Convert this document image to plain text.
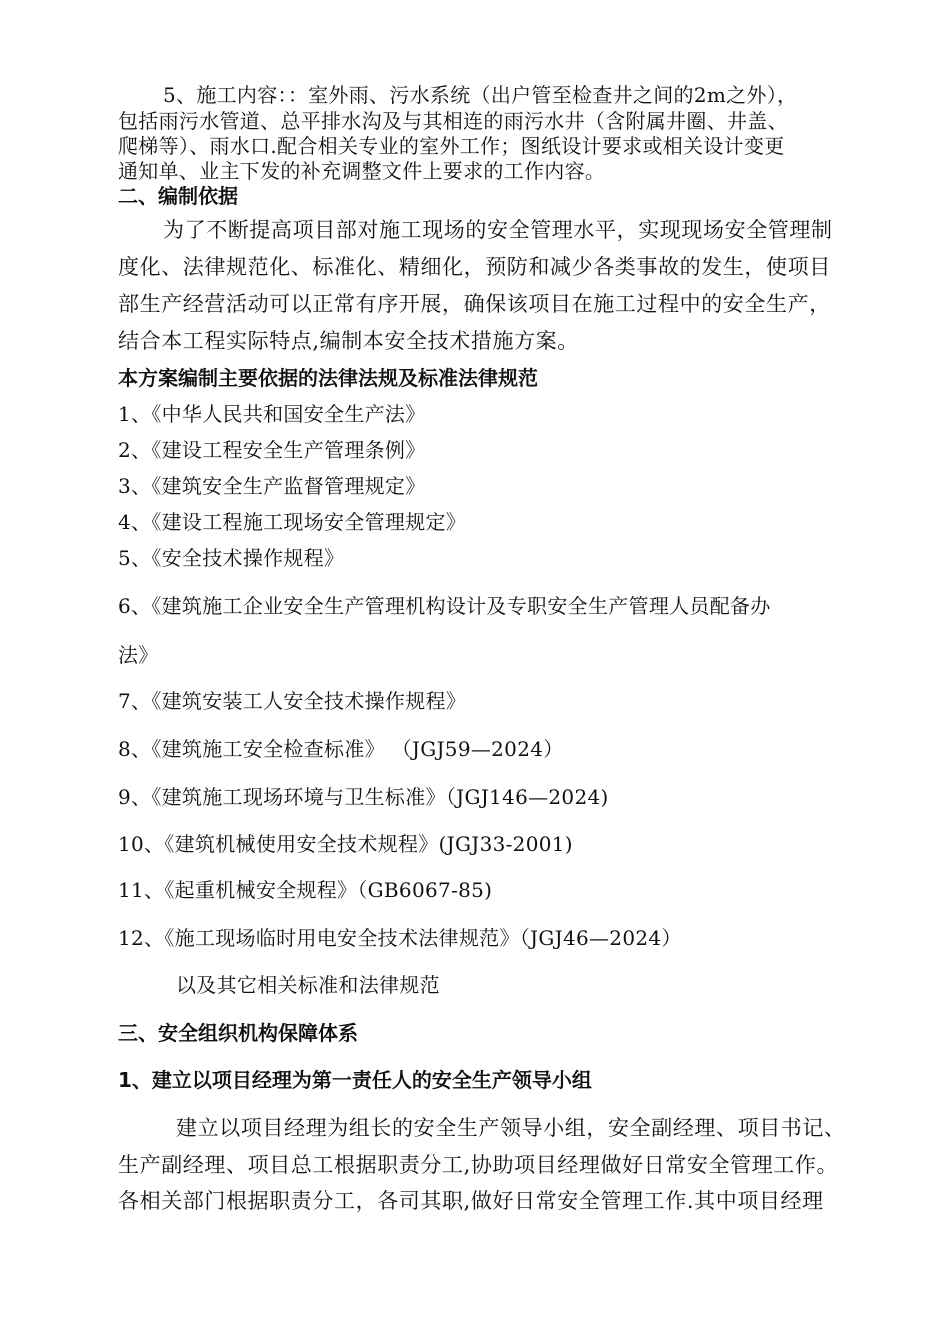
5、施工内容：：室外雨、污水系统（出户管至检查井之间的2m之外），
包括雨污水管道、总平排水沟及与其相连的雨污水井（含附属井圈、井盖、
爬梯等）、雨水口.配合相关专业的室外工作；图纸设计要求或相关设计变更
通知单、业主下发的补充调整文件上要求的工作内容。
二、编制依据
为了不断提高项目部对施工现场的安全管理水平，实现现场安全管理制
度化、法律规范化、标准化、精细化，预防和减少各类事故的发生，使项目
部生产经营活动可以正常有序开展，确保该项目在施工过程中的安全生产，
结合本工程实际特点,编制本安全技术措施方案。
本方案编制主要依据的法律法规及标准法律规范
1、《中华人民共和国安全生产法》
2、《建设工程安全生产管理条例》
3、《建筑安全生产监督管理规定》
4、《建设工程施工现场安全管理规定》
5、《安全技术操作规程》
6、《建筑施工企业安全生产管理机构设计及专职安全生产管理人员配备办
法》
7、《建筑安装工人安全技术操作规程》
8、《建筑施工安全检查标准》 （JGJ59—2024）
9、《建筑施工现场环境与卫生标准》（JGJ146—2024)
10、《建筑机械使用安全技术规程》(JGJ33-2001)
11、《起重机械安全规程》（GB6067-85)
12、《施工现场临时用电安全技术法律规范》（JGJ46—2024）
以及其它相关标准和法律规范
三、安全组织机构保障体系
1、建立以项目经理为第一责任人的安全生产领导小组
建立以项目经理为组长的安全生产领导小组，安全副经理、项目书记、
生产副经理、项目总工根据职责分工,协助项目经理做好日常安全管理工作。
各相关部门根据职责分工，各司其职,做好日常安全管理工作.其中项目经理
